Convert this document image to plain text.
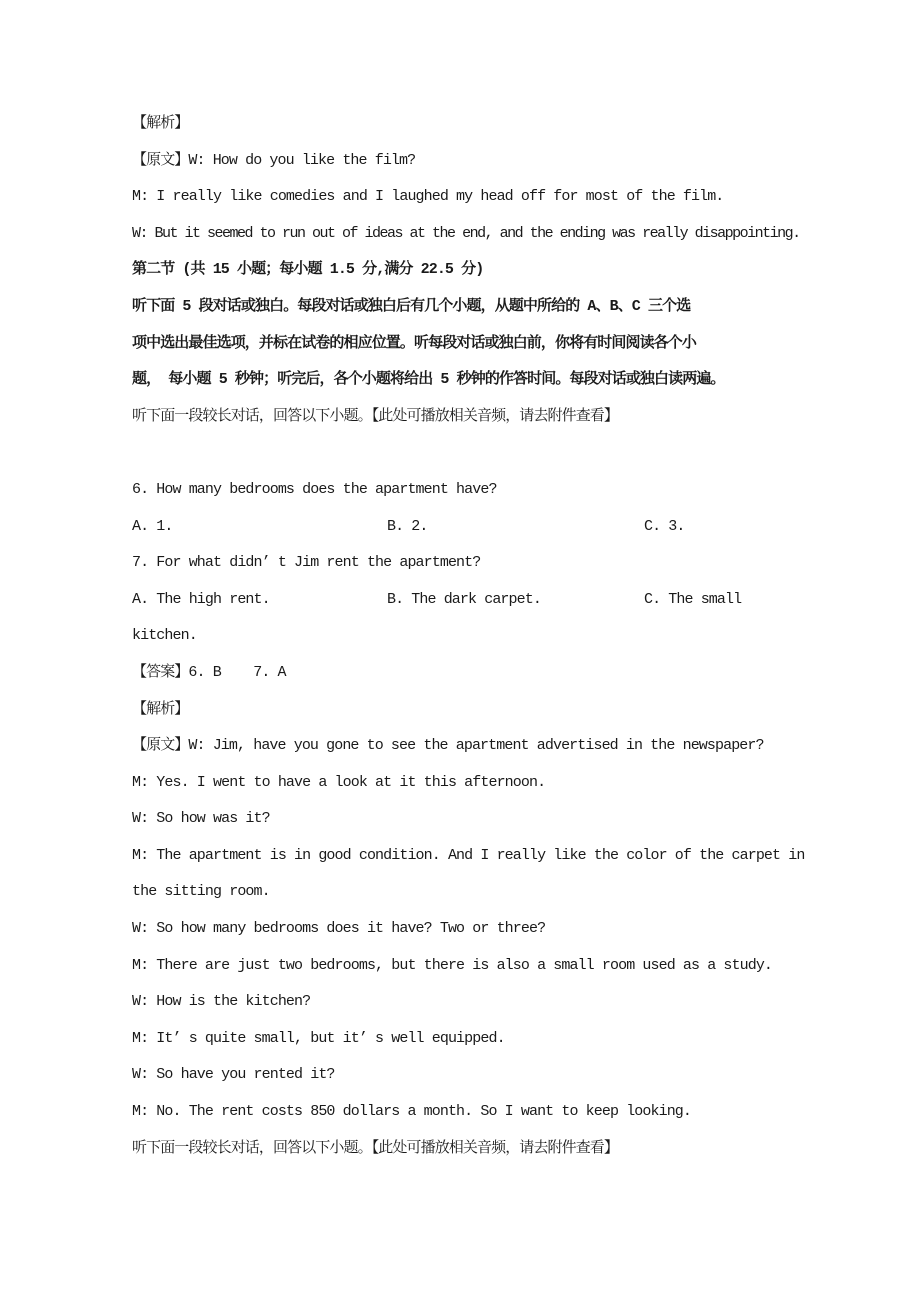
【解析】
【原文】W: How do you like the film?
M: I really like comedies and I laughed my head off for most of the film.
W: But it seemed to run out of ideas at the end, and the ending was really disappointing.
第二节 (共 15 小题；每小题 1.5 分,满分 22.5 分)
听下面 5 段对话或独白。每段对话或独白后有几个小题，从题中所给的 A、B、C 三个选
项中选出最佳选项，并标在试卷的相应位置。听每段对话或独白前，你将有时间阅读各个小
题， 每小题 5 秒钟；听完后，各个小题将给出 5 秒钟的作答时间。每段对话或独白读两遍。
听下面一段较长对话，回答以下小题。【此处可播放相关音频，请去附件查看】
6. How many bedrooms does the apartment have?
A. 1.	B. 2.	C. 3.
7. For what didn’ t Jim rent the apartment?
A. The high rent.	B. The dark carpet.	C. The small
kitchen.
【答案】6. B    7. A
【解析】
【原文】W: Jim, have you gone to see the apartment advertised in the newspaper?
M: Yes. I went to have a look at it this afternoon.
W: So how was it?
M: The apartment is in good condition. And I really like the color of the carpet in
the sitting room.
W: So how many bedrooms does it have? Two or three?
M: There are just two bedrooms, but there is also a small room used as a study.
W: How is the kitchen?
M: It’ s quite small, but it’ s well equipped.
W: So have you rented it?
M: No. The rent costs 850 dollars a month. So I want to keep looking.
听下面一段较长对话，回答以下小题。【此处可播放相关音频，请去附件查看】
